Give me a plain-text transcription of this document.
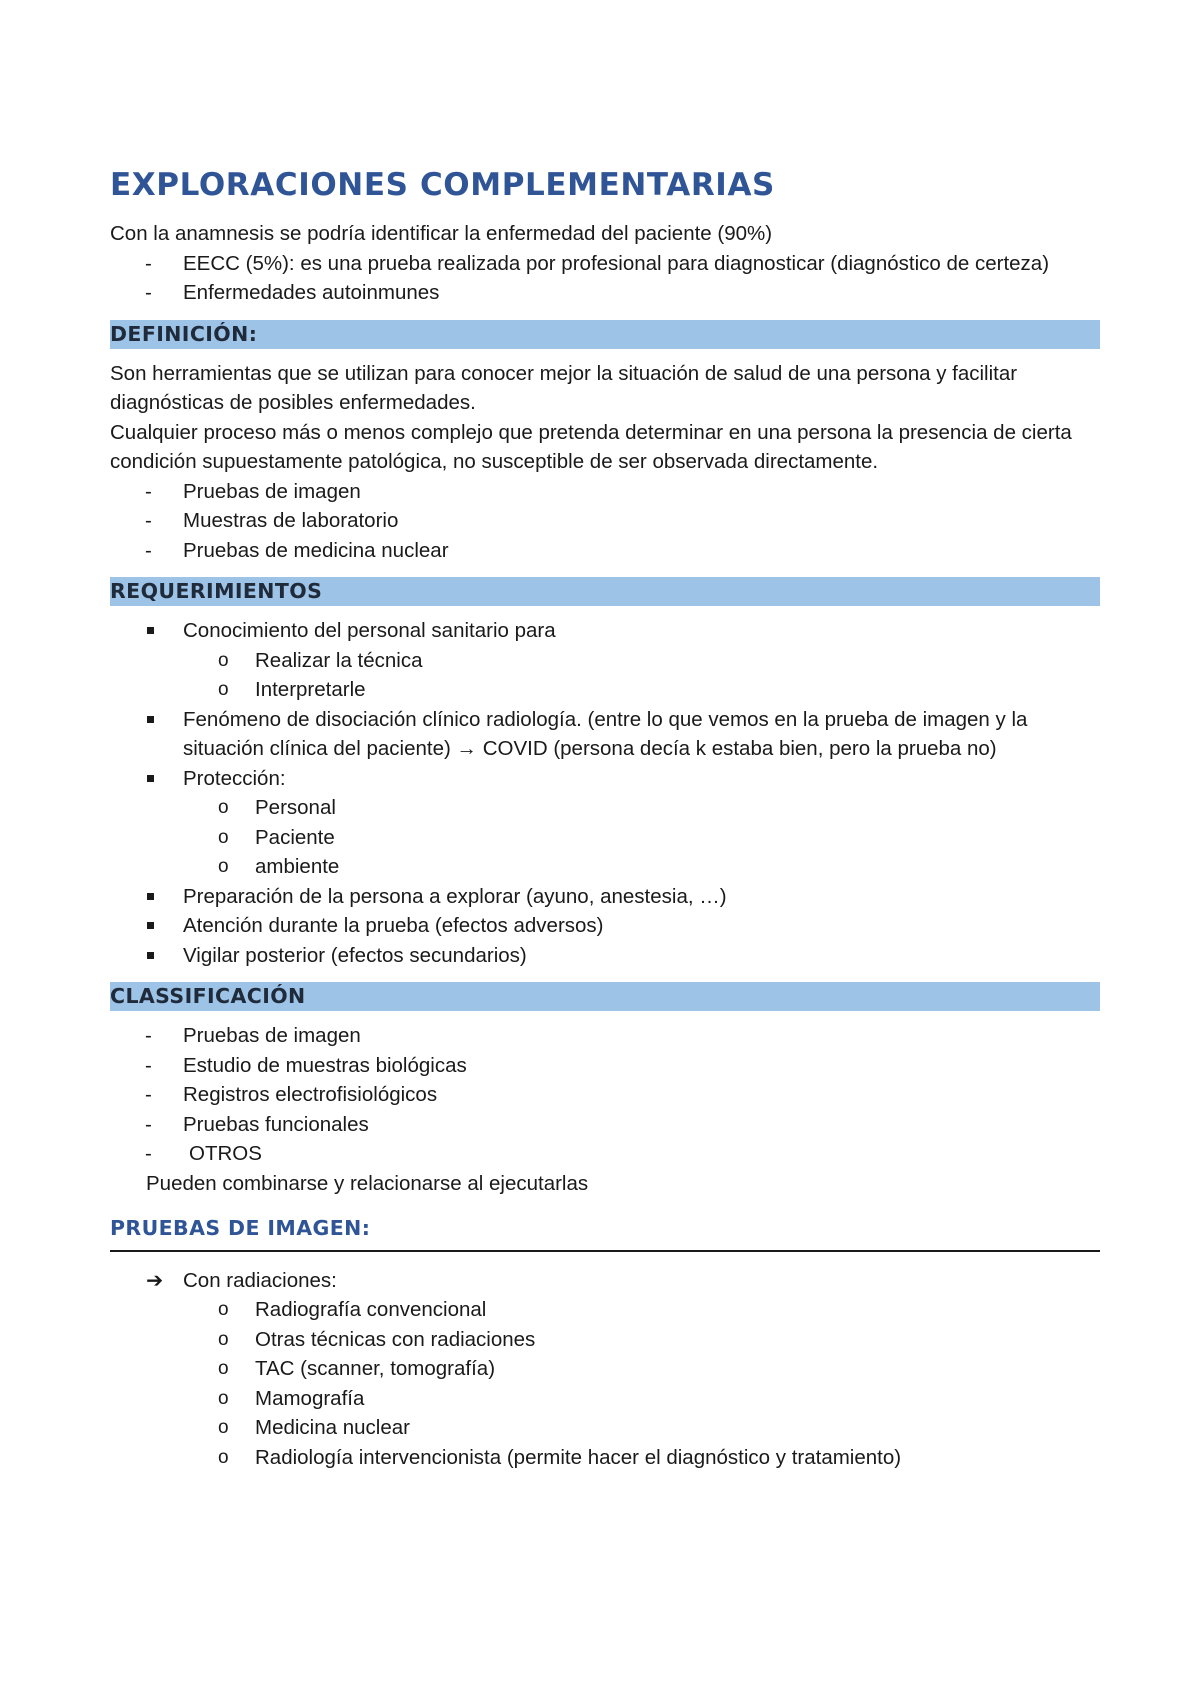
EXPLORACIONES COMPLEMENTARIAS

Con la anamnesis se podría identificar la enfermedad del paciente (90%)

- EECC (5%): es una prueba realizada por profesional para diagnosticar (diagnóstico de certeza)
- Enfermedades autoinmunes
DEFINICIÓN:

Son herramientas que se utilizan para conocer mejor la situación de salud de una persona y facilitar diagnósticas de posibles enfermedades.

Cualquier proceso más o menos complejo que pretenda determinar en una persona la presencia de cierta condición supuestamente patológica, no susceptible de ser observada directamente.

- Pruebas de imagen
- Muestras de laboratorio
- Pruebas de medicina nuclear
REQUERIMIENTOS
Conocimiento del personal sanitario para
o Realizar la técnica
o Interpretarle
Fenómeno de disociación clínico radiología. (entre lo que vemos en la prueba de imagen y la situación clínica del paciente) → COVID (persona decía k estaba bien, pero la prueba no)
Protección:
o Personal
o Paciente
o ambiente
Preparación de la persona a explorar (ayuno, anestesia, …)
Atención durante la prueba (efectos adversos)
Vigilar posterior (efectos secundarios)
CLASSIFICACIÓN
- Pruebas de imagen
- Estudio de muestras biológicas
- Registros electrofisiológicos
- Pruebas funcionales
- OTROS

Pueden combinarse y relacionarse al ejecutarlas

PRUEBAS DE IMAGEN:
➔ Con radiaciones:
o Radiografía convencional
o Otras técnicas con radiaciones
o TAC (scanner, tomografía)
o Mamografía
o Medicina nuclear
o Radiología intervencionista (permite hacer el diagnóstico y tratamiento)
